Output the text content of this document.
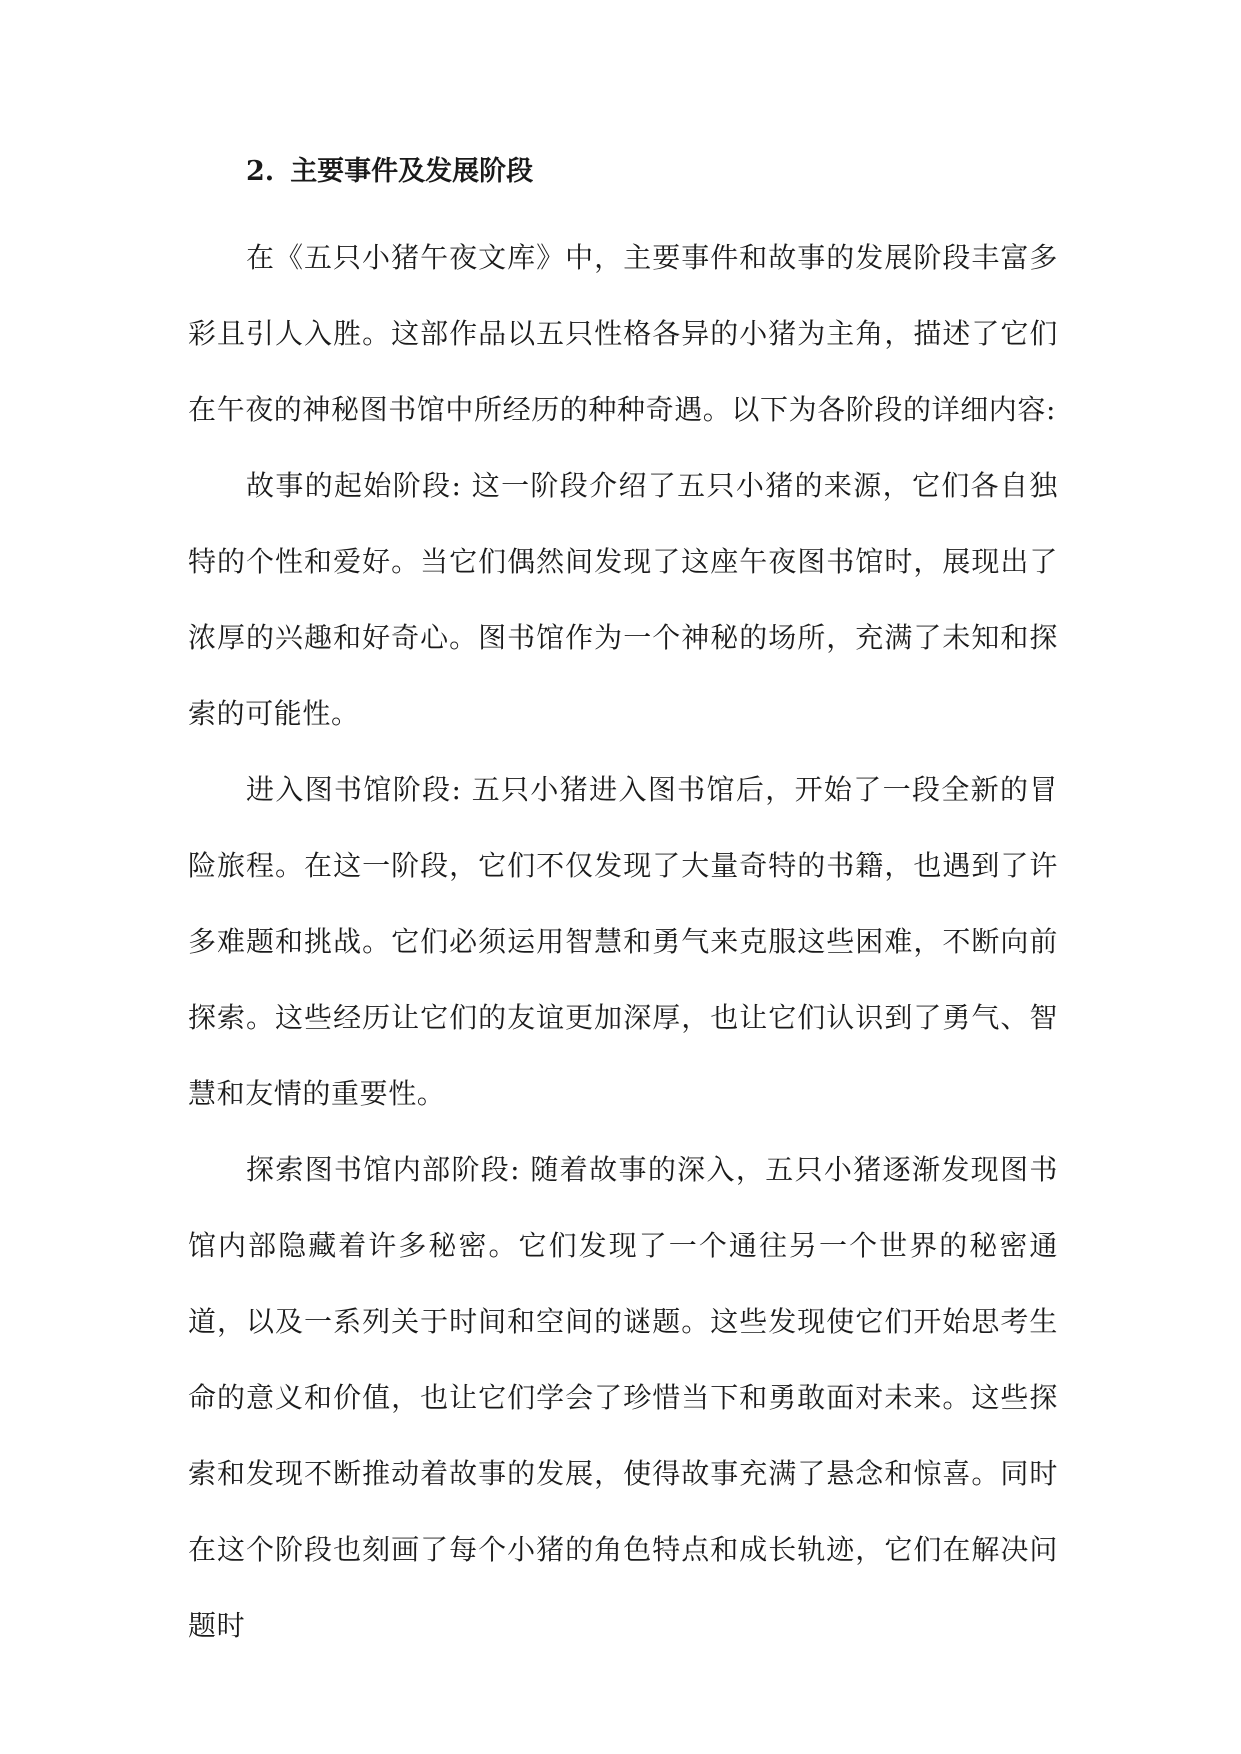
2. 主要事件及发展阶段

在《五只小猪午夜文库》中，主要事件和故事的发展阶段丰富多彩且引人入胜。这部作品以五只性格各异的小猪为主角，描述了它们在午夜的神秘图书馆中所经历的种种奇遇。以下为各阶段的详细内容:

故事的起始阶段: 这一阶段介绍了五只小猪的来源，它们各自独特的个性和爱好。当它们偶然间发现了这座午夜图书馆时，展现出了浓厚的兴趣和好奇心。图书馆作为一个神秘的场所，充满了未知和探索的可能性。

进入图书馆阶段: 五只小猪进入图书馆后，开始了一段全新的冒险旅程。在这一阶段，它们不仅发现了大量奇特的书籍，也遇到了许多难题和挑战。它们必须运用智慧和勇气来克服这些困难，不断向前探索。这些经历让它们的友谊更加深厚，也让它们认识到了勇气、智慧和友情的重要性。

探索图书馆内部阶段: 随着故事的深入，五只小猪逐渐发现图书馆内部隐藏着许多秘密。它们发现了一个通往另一个世界的秘密通道，以及一系列关于时间和空间的谜题。这些发现使它们开始思考生命的意义和价值，也让它们学会了珍惜当下和勇敢面对未来。这些探索和发现不断推动着故事的发展，使得故事充满了悬念和惊喜。同时在这个阶段也刻画了每个小猪的角色特点和成长轨迹，它们在解决问题时
